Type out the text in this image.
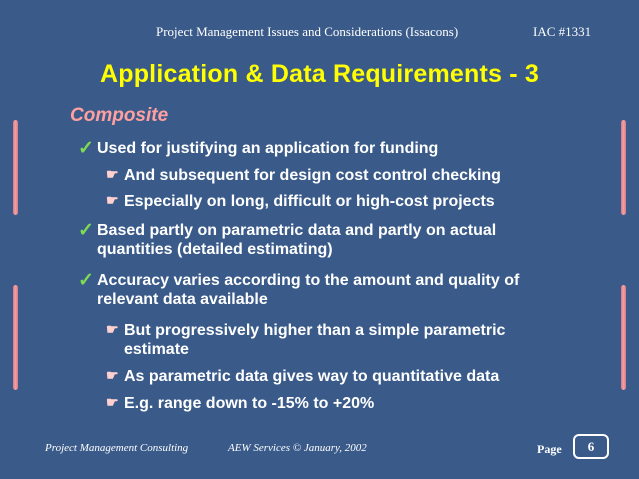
Project Management Issues and Considerations (Issacons)	IAC #1331
Application & Data Requirements - 3
Composite
✓ Used for justifying an application for funding
☛ And subsequent for design cost control checking
☛ Especially on long, difficult or high-cost projects
✓ Based partly on parametric data and partly on actual quantities (detailed estimating)
✓ Accuracy varies according to the amount and quality of relevant data available
☛ But progressively higher than a simple parametric estimate
☛ As parametric data gives way to quantitative data
☛ E.g. range down to -15% to +20%
Project Management Consulting	AEW Services © January, 2002	Page	6
